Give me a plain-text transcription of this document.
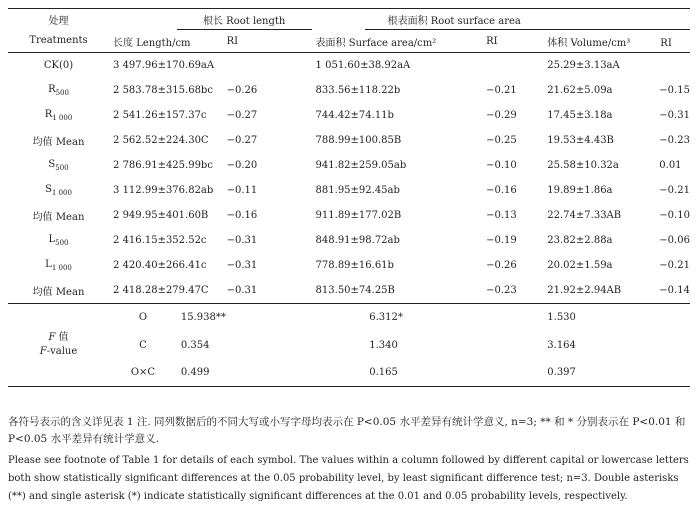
处理		根长 Root length			根表面积 Root surface area		
Treatments	长度 Length/cm		RI	表面积 Surface area/cm²		RI	体积 Volume/cm³ RI
CK(0)	3 497.96±170.69aA			1 051.60±38.92aA			25.29±3.13aA
$R_{500}$	2 583.78±315.68bc		−0.26	833.56±118.22b		−0.21	21.62±5.09a −0.15
$R_{1 000}$	2 541.26±157.37c		−0.27	744.42±74.11b		−0.29	17.45±3.18a −0.31
均值 Mean	2 562.52±224.30C		−0.27	788.99±100.85B		−0.25	19.53±4.43B −0.23
$S_{500}$	2 786.91±425.99bc		−0.20	941.82±259.05ab		−0.10	25.58±10.32a 0.01
$S_{1 000}$	3 112.99±376.82ab		−0.11	881.95±92.45ab		−0.16	19.89±1.86a −0.21
均值 Mean	2 949.95±401.60B		−0.16	911.89±177.02B		−0.13	22.74±7.33AB −0.10
$L_{500}$	2 416.15±352.52c		−0.31	848.91±98.72ab		−0.19	23.82±2.88a −0.06
$L_{1 000}$	2 420.40±266.41c		−0.31	778.89±16.61b		−0.26	20.02±1.59a −0.21
均值 Mean	2 418.28±279.47C		−0.31	813.50±74.25B		−0.23	21.92±2.94AB −0.14
	O	15.938**			6.312*		1.530
F 值
F-value	C	0.354			1.340		3.164
	O×C	0.499			0.165		0.397
各符号表示的含义详见表 1 注. 同列数据后的不同大写或小写字母均表示在 P<0.05 水平差异有统计学意义, n=3; ** 和 * 分别表示在 P<0.01 和 P<0.05 水平差异有统计学意义.
Please see footnote of Table 1 for details of each symbol. The values within a column followed by different capital or lowercase letters both show statistically significant differences at the 0.05 probability level, by least significant difference test; n=3. Double asterisks (**) and single asterisk (*) indicate statistically significant differences at the 0.01 and 0.05 probability levels, respectively.
